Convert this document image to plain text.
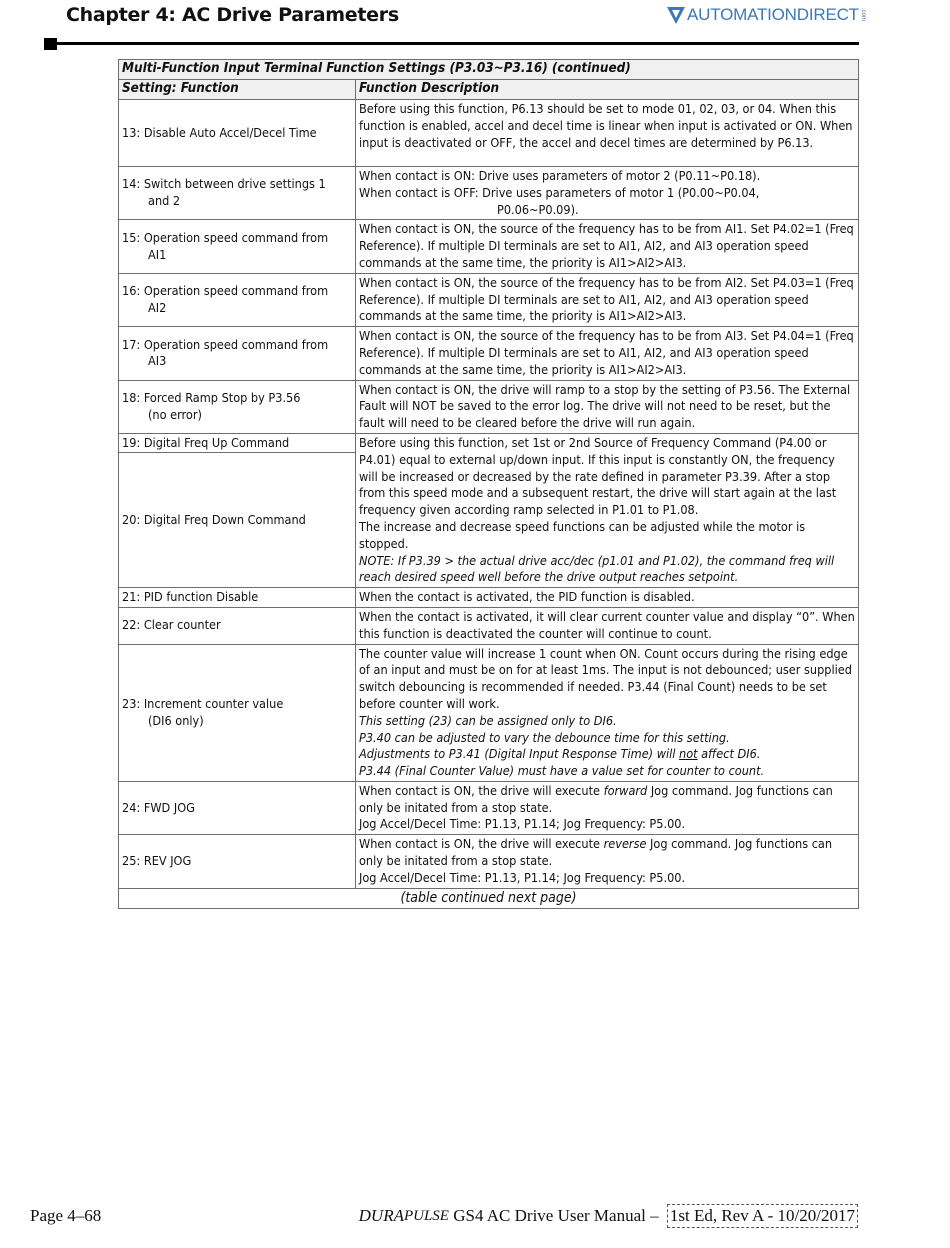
Chapter 4: AC Drive Parameters	AUTOMATIONDIRECT .com
Multi-Function Input Terminal Function Settings (P3.03~P3.16) (continued)	
Setting: Function	Function Description

13: Disable Auto Accel/Decel Time	Before using this function, P6.13 should be set to mode 01, 02, 03, or 04. When this function is enabled, accel and decel time is linear when input is activated or ON. When input is deactivated or OFF, the accel and decel times are determined by P6.13.

14: Switch between drive settings 1
and 2	When contact is ON: Drive uses parameters of motor 2 (P0.11~P0.18).
When contact is OFF: Drive uses parameters of motor 1 (P0.00~P0.04,
P0.06~P0.09).

15: Operation speed command from
AI1	When contact is ON, the source of the frequency has to be from AI1. Set P4.02=1 (Freq Reference). If multiple DI terminals are set to AI1, AI2, and AI3 operation speed commands at the same time, the priority is AI1>AI2>AI3.

16: Operation speed command from
AI2	When contact is ON, the source of the frequency has to be from AI2. Set P4.03=1 (Freq Reference). If multiple DI terminals are set to AI1, AI2, and AI3 operation speed commands at the same time, the priority is AI1>AI2>AI3.

17: Operation speed command from
AI3	When contact is ON, the source of the frequency has to be from AI3. Set P4.04=1 (Freq Reference). If multiple DI terminals are set to AI1, AI2, and AI3 operation speed commands at the same time, the priority is AI1>AI2>AI3.

18: Forced Ramp Stop by P3.56
(no error)	When contact is ON, the drive will ramp to a stop by the setting of P3.56. The External Fault will NOT be saved to the error log. The drive will not need to be reset, but the fault will need to be cleared before the drive will run again.

19: Digital Freq Up Command	Before using this function, set 1st or 2nd Source of Frequency Command (P4.00 or P4.01) equal to external up/down input. If this input is constantly ON, the frequency will be increased or decreased by the rate defined in parameter P3.39. After a stop from this speed mode and a subsequent restart, the drive will start again at the last frequency given according ramp selected in P1.01 to P1.08.
The increase and decrease speed functions can be adjusted while the motor is stopped.
NOTE: If P3.39 > the actual drive acc/dec (p1.01 and P1.02), the command freq will reach desired speed well before the drive output reaches setpoint.

20: Digital Freq Down Command	

21: PID function Disable	When the contact is activated, the PID function is disabled.

22: Clear counter	When the contact is activated, it will clear current counter value and display “0”. When this function is deactivated the counter will continue to count.

23: Increment counter value
(DI6 only)	The counter value will increase 1 count when ON. Count occurs during the rising edge of an input and must be on for at least 1ms. The input is not debounced; user supplied switch debouncing is recommended if needed. P3.44 (Final Count) needs to be set before counter will work.
This setting (23) can be assigned only to DI6.
P3.40 can be adjusted to vary the debounce time for this setting.
Adjustments to P3.41 (Digital Input Response Time) will not affect DI6.
P3.44 (Final Counter Value) must have a value set for counter to count.

24: FWD JOG	When contact is ON, the drive will execute forward Jog command. Jog functions can only be initated from a stop state.
Jog Accel/Decel Time: P1.13, P1.14; Jog Frequency: P5.00.

25: REV JOG	When contact is ON, the drive will execute reverse Jog command. Jog functions can only be initated from a stop state.
Jog Accel/Decel Time: P1.13, P1.14; Jog Frequency: P5.00.

(table continued next page)	
Page 4–68	DURA PULSE GS4 AC Drive User Manual – 1st Ed, Rev A - 10/20/2017
